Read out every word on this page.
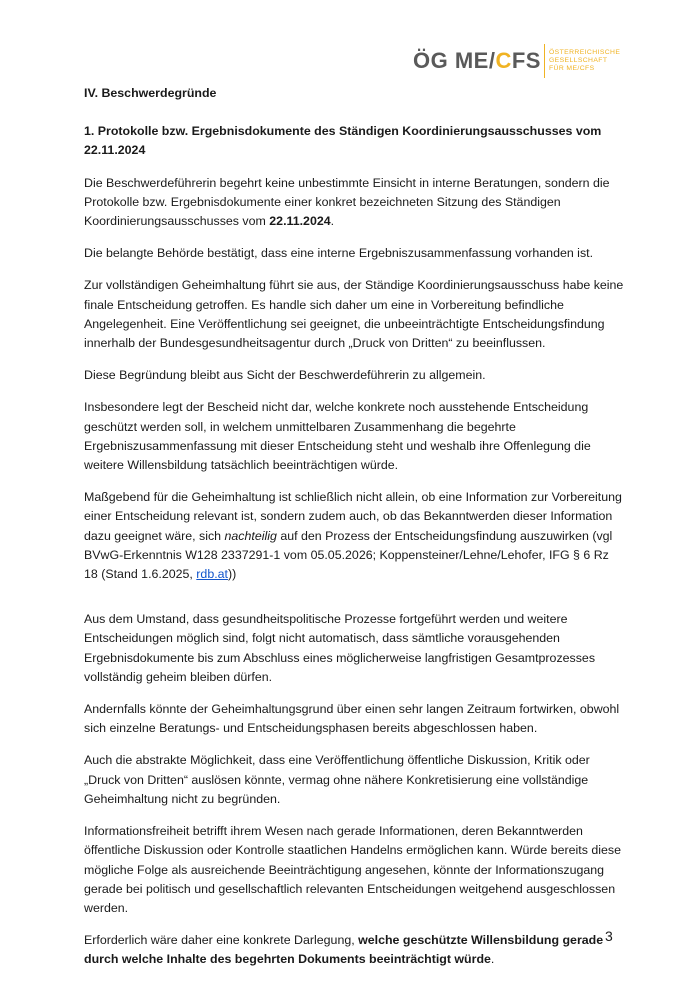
ÖG ME/CFS ÖSTERREICHISCHE
GESELLSCHAFT
FÜR ME/CFS

IV. Beschwerdegründe

1. Protokolle bzw. Ergebnisdokumente des Ständigen Koordinierungsausschusses vom 22.11.2024

Die Beschwerdeführerin begehrt keine unbestimmte Einsicht in interne Beratungen, sondern die Protokolle bzw. Ergebnisdokumente einer konkret bezeichneten Sitzung des Ständigen Koordinierungsausschusses vom 22.11.2024.

Die belangte Behörde bestätigt, dass eine interne Ergebniszusammenfassung vorhanden ist.

Zur vollständigen Geheimhaltung führt sie aus, der Ständige Koordinierungsausschuss habe keine finale Entscheidung getroffen. Es handle sich daher um eine in Vorbereitung befindliche Angelegenheit. Eine Veröffentlichung sei geeignet, die unbeeinträchtigte Entscheidungsfindung innerhalb der Bundesgesundheitsagentur durch „Druck von Dritten“ zu beeinflussen.

Diese Begründung bleibt aus Sicht der Beschwerdeführerin zu allgemein.

Insbesondere legt der Bescheid nicht dar, welche konkrete noch ausstehende Entscheidung geschützt werden soll, in welchem unmittelbaren Zusammenhang die begehrte Ergebniszusammenfassung mit dieser Entscheidung steht und weshalb ihre Offenlegung die weitere Willensbildung tatsächlich beeinträchtigen würde.

Maßgebend für die Geheimhaltung ist schließlich nicht allein, ob eine Information zur Vorbereitung einer Entscheidung relevant ist, sondern zudem auch, ob das Bekanntwerden dieser Information dazu geeignet wäre, sich nachteilig auf den Prozess der Entscheidungsfindung auszuwirken (vgl BVwG-Erkenntnis W128 2337291-1 vom 05.05.2026; Koppensteiner/Lehne/Lehofer, IFG § 6 Rz 18 (Stand 1.6.2025, rdb.at))

Aus dem Umstand, dass gesundheitspolitische Prozesse fortgeführt werden und weitere Entscheidungen möglich sind, folgt nicht automatisch, dass sämtliche vorausgehenden Ergebnisdokumente bis zum Abschluss eines möglicherweise langfristigen Gesamtprozesses vollständig geheim bleiben dürfen.

Andernfalls könnte der Geheimhaltungsgrund über einen sehr langen Zeitraum fortwirken, obwohl sich einzelne Beratungs- und Entscheidungsphasen bereits abgeschlossen haben.

Auch die abstrakte Möglichkeit, dass eine Veröffentlichung öffentliche Diskussion, Kritik oder „Druck von Dritten“ auslösen könnte, vermag ohne nähere Konkretisierung eine vollständige Geheimhaltung nicht zu begründen.

Informationsfreiheit betrifft ihrem Wesen nach gerade Informationen, deren Bekanntwerden öffentliche Diskussion oder Kontrolle staatlichen Handelns ermöglichen kann. Würde bereits diese mögliche Folge als ausreichende Beeinträchtigung angesehen, könnte der Informationszugang gerade bei politisch und gesellschaftlich relevanten Entscheidungen weitgehend ausgeschlossen werden.

Erforderlich wäre daher eine konkrete Darlegung, welche geschützte Willensbildung gerade durch welche Inhalte des begehrten Dokuments beeinträchtigt würde.

3
